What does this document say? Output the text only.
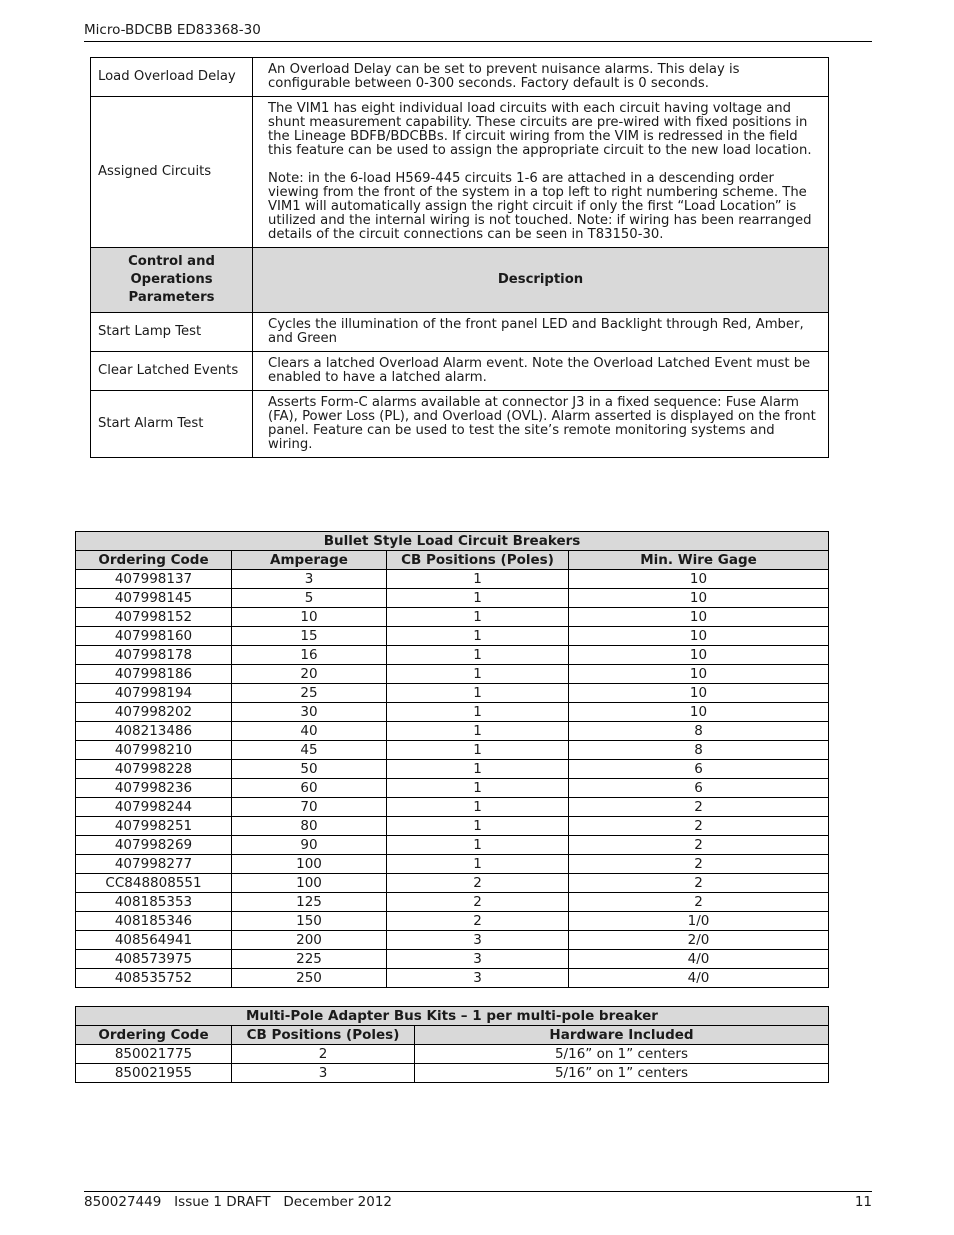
Micro-BDCBB ED83368-30
Load Overload Delay	An Overload Delay can be set to prevent nuisance alarms. This delay is configurable between 0-300 seconds. Factory default is 0 seconds.

Assigned Circuits	The VIM1 has eight individual load circuits with each circuit having voltage and shunt measurement capability. These circuits are pre-wired with fixed positions in the Lineage BDFB/BDCBBs. If circuit wiring from the VIM is redressed in the field this feature can be used to assign the appropriate circuit to the new load location.

Note: in the 6-load H569-445 circuits 1-6 are attached in a descending order viewing from the front of the system in a top left to right numbering scheme. The VIM1 will automatically assign the right circuit if only the first “Load Location” is utilized and the internal wiring is not touched. Note: if wiring has been rearranged details of the circuit connections can be seen in T83150-30.

Control and Operations Parameters	Description
Start Lamp Test	Cycles the illumination of the front panel LED and Backlight through Red, Amber, and Green

Clear Latched Events	Clears a latched Overload Alarm event. Note the Overload Latched Event must be enabled to have a latched alarm.

Start Alarm Test	Asserts Form-C alarms available at connector J3 in a fixed sequence: Fuse Alarm (FA), Power Loss (PL), and Overload (OVL). Alarm asserted is displayed on the front panel. Feature can be used to test the site’s remote monitoring systems and wiring.

Bullet Style Load Circuit Breakers			
Ordering Code	Amperage	CB Positions (Poles)	Min. Wire Gage
407998137	3	1	10
407998145	5	1	10
407998152	10	1	10
407998160	15	1	10
407998178	16	1	10
407998186	20	1	10
407998194	25	1	10
407998202	30	1	10
408213486	40	1	8
407998210	45	1	8
407998228	50	1	6
407998236	60	1	6
407998244	70	1	2
407998251	80	1	2
407998269	90	1	2
407998277	100	1	2
CC848808551	100	2	2
408185353	125	2	2
408185346	150	2	1/0
408564941	200	3	2/0
408573975	225	3	4/0
408535752	250	3	4/0
Multi-Pole Adapter Bus Kits – 1 per multi-pole breaker		
Ordering Code	CB Positions (Poles)	Hardware Included
850021775	2	5/16” on 1” centers
850021955	3	5/16” on 1” centers
850027449   Issue 1 DRAFT   December 2012	11
